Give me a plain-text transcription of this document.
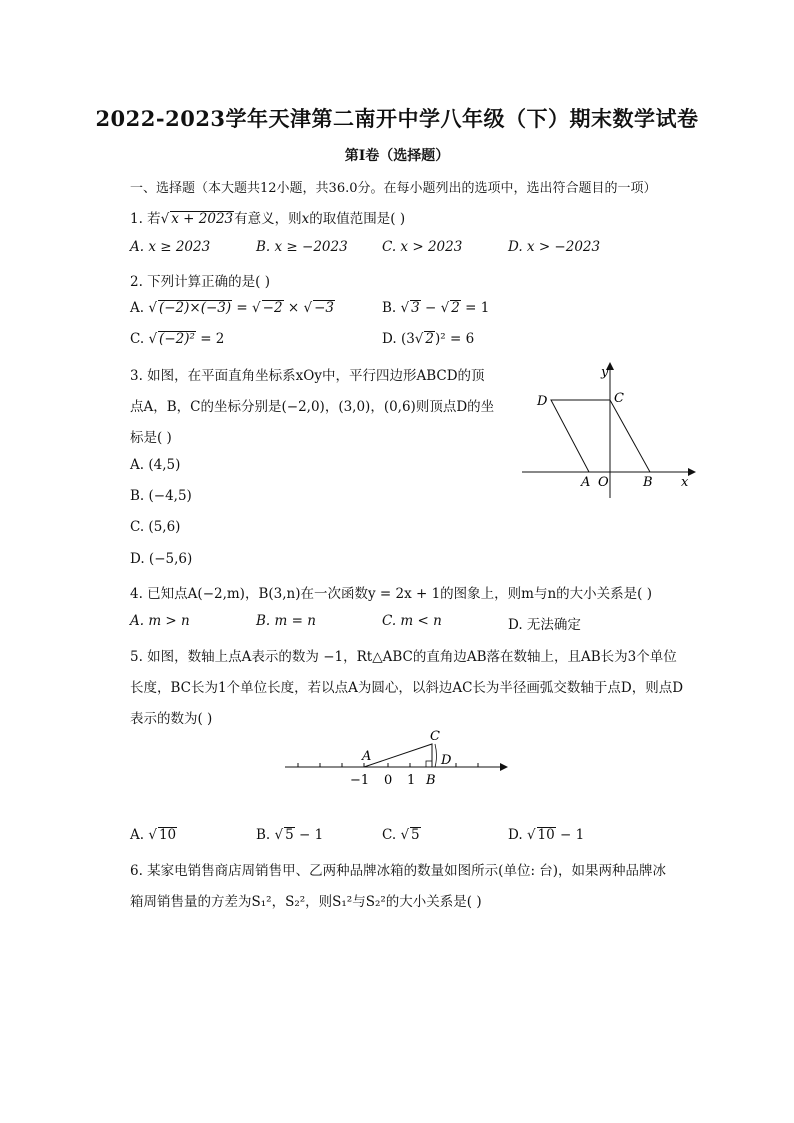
2022-2023学年天津第二南开中学八年级（下）期末数学试卷
第I卷（选择题）
一、选择题（本大题共12小题，共36.0分。在每小题列出的选项中，选出符合题目的一项）
1. 若√ x + 2023有意义，则x的取值范围是( )
A. x ≥ 2023	B. x ≥ −2023	C. x > 2023	D. x > −2023
2. 下列计算正确的是( )
A. √ (−2)×(−3) = √ −2 × √ −3	B. √ 3 − √ 2 = 1
C. √ (−2)² = 2	D. (3√ 2)² = 6
3. 如图，在平面直角坐标系xOy中，平行四边形ABCD的顶
点A，B，C的坐标分别是(−2,0)，(3,0)，(0,6)则顶点D的坐
标是( )
A. (4,5)
B. (−4,5)
C. (5,6)
D. (−5,6)
y
x
D	C
A O	B
4. 已知点A(−2,m)，B(3,n)在一次函数y = 2x + 1的图象上，则m与n的大小关系是( )
A. m > n	B. m = n	C. m < n	D. 无法确定
5. 如图，数轴上点A表示的数为 −1，Rt△ABC的直角边AB落在数轴上，且AB长为3个单位
长度，BC长为1个单位长度，若以点A为圆心，以斜边AC长为半径画弧交数轴于点D，则点D
表示的数为( )
A
C
D
B
−1 0 1
A. √ 10	B. √ 5 − 1	C. √ 5	D. √ 10 − 1
6. 某家电销售商店周销售甲、乙两种品牌冰箱的数量如图所示(单位: 台)，如果两种品牌冰
箱周销售量的方差为S₁²，S₂²，则S₁²与S₂²的大小关系是( )
